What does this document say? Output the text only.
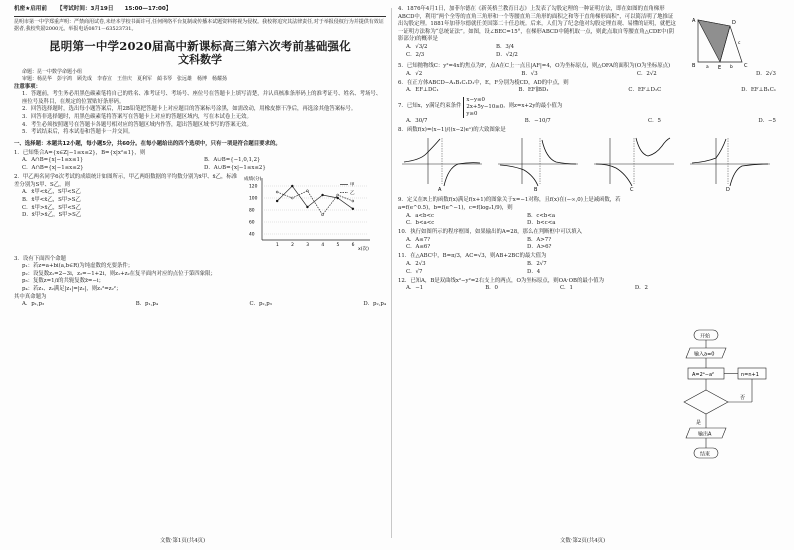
机密★启用前 【考试时间：3月19日　　15:00—17:00】

昆明市第一中学郑重声明：严禁商用试卷,未经本学校书面许可,任何网络平台复制或传播本试题资料将视为侵权。我校将追究其法律责任,对于举报侵权行为并提供有效证据者,我校奖励2000元。举报电话0871－63523731。

昆明第一中学2020届高中新课标高三第六次考前基础强化
文科数学

命题：昆一中数学命题小组

审题：杨昆华　彭宇鸿　顾先成　李春宣　王佳庆　夏利军　蔺书琴　张远雄　杨博　杨耀扬

注意事项：

1．答题前，考生务必用黑色碳素笔将自己的姓名、准考证号、考场号、座位号在答题卡上填写清楚，并认真核准条形码上的准考证号、姓名、考场号、座位号及科目，在规定的位置贴好条形码。

2．回答选择题时，选出每小题答案后，用2B铅笔把答题卡上对应题目的答案标号涂黑，如需改动，用橡皮擦干净后，再选涂其他答案标号。

3．回答非选择题时，用黑色碳素笔将答案写在答题卡上对应的答题区域内，写在本试卷上无效。

4．考生必须按照题号在答题卡各题号相对应的答题区域内作答，超出答题区域书写的答案无效。

5．考试结束后，将本试卷和答题卡一并交回。

一、选择题：本题共12小题，每小题5分，共60分。在每小题给出的四个选项中，只有一项是符合题目要求的。

1．已知集合A={x∈Z|−1≤x≤2}，B={x|x²≤1}，则

A．A∩B={x|−1≤x≤1}	B．A∪B={−1,0,1,2}
C．A∩B={x|−1≤x≤2}	D．A∪B={x|−1≤x≤2}

2．甲乙两名同学6次考试的成绩统计如图所示，甲乙两组数据的平均数分别为x̄甲、x̄乙，标准差分别为S甲、S乙，则

A．x̄甲<x̄乙，S甲<S乙

B．x̄甲<x̄乙，S甲>S乙

C．x̄甲>x̄乙，S甲<S乙

D．x̄甲>x̄乙，S甲>S乙

成绩(分)
x(次)
甲
乙
120
100
80
60
40
1	2	3	4	5	6

3．设有下面四个命题

p₁：若z=a+bi(a,b∈R)为纯虚数的充要条件；

p₂：设复数z₁=2−3i，z₂=−1+2i，则z₁+z₂在复平面内对应的点位于第四象限；

p₃：复数z=1/i的共轭复数z̄=−i；

p₄：若z₁、z₂满足|z₁|=|z₂|，则z₁²=z₂²；

其中真命题为

A．p₁,p₃	B．p₁,p₄	C．p₂,p₃	D．p₂,p₄
文数·第1页(共4页)

4．1876年4月1日，加菲尔德在《新英格兰教育日志》上发表了勾股定理的一种证明方法，即在如图的直角梯形ABCD中，利用“两个全等的直角三角形和一个等腰直角三角形的面积之和等于直角梯形面积”，可以简洁明了地推证出勾股定理。1881年加菲尔德就任美国第二十任总统。后来，人们为了纪念他对勾股定理直观、易懂的证明，就把这一证明方法称为“总统证法”。如图，设∠BEC=15°，在梯形ABCD中随机取一点，则此点取自等腰直角△CDE中(阴影部分)的概率是

A．√3/2	B．3/4
C．2/3	D．√2/2
A	D
B	E	C
a	b
c

5．已知抛物线C：y²=4x的焦点为F，点A在C上一点且|AF|=4，O为坐标原点，则△OFA的面积为(O为坐标原点)

A．√2	B．√3	C．2√2	D．2√3

6．在正方体ABCD−A₁B₁C₁D₁中，E，F分别为棱CD，AD的中点，则

A．EF⊥DC₁	B．EF∥BD₁	C．EF⊥D₁C	D．EF⊥B₁C₁
7．已知x，y满足约束条件
x−y≤0
2x+5y−10≥0
y≥0
，则z=x+2y的最小值为
A．30/7	B．−10/7	C．5	D．−5

8．函数f(x)=(x−1)/((x−2)eˣ)的大致图象是

A	B	C	D

9．定义在R上的函数f(x)满足f(x+1)的图象关于x=−1对称，且f(x)在(−∞,0)上是减函数，若a=f(e^0.5)，b=f(e^−1)，c=f(log₂1/9)，则

A．a<b<c	B．c<b<a
C．b<a<c	D．b<c<a

10．执行如图所示的程序框图，如果输出的A=28，那么在判断框中可以填入

A．A≤7?	B．A>7?
C．A≤6?	D．A>6?

11．在△ABC中，B=π/3，AC=√3，则AB+2BC的最大值为

A．2√3	B．2√7
C．√7	D．4

12．已知A，B是双曲线x²−y²=2右支上的两点，O为坐标原点，则OA·OB的最小值为

A．−1	B．0	C．1	D．2
开始
输入a=0
A=2ᵃ−a²	n=n+1
否
是
输出A
结束
文数·第2页(共4页)
